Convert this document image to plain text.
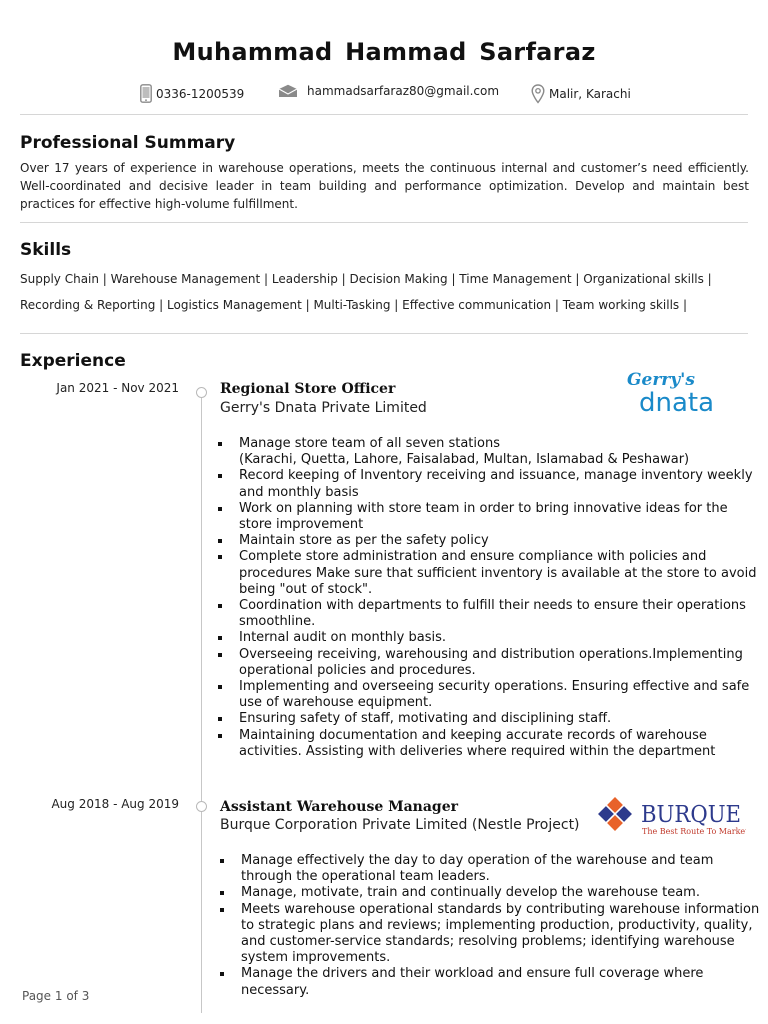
Muhammad Hammad Sarfaraz
0336-1200539	hammadsarfaraz80@gmail.com	Malir, Karachi
Professional Summary
Over 17 years of experience in warehouse operations, meets the continuous internal and customer’s need efficiently. Well-coordinated and decisive leader in team building and performance optimization. Develop and maintain best practices for effective high-volume fulfillment.
Skills
Supply Chain | Warehouse Management | Leadership | Decision Making | Time Management | Organizational skills |
Recording & Reporting | Logistics Management | Multi-Tasking | Effective communication | Team working skills |
Experience
Jan 2021 - Nov 2021	Regional Store Officer
Gerry's Dnata Private Limited
Gerry's
dnata
Manage store team of all seven stations
(Karachi, Quetta, Lahore, Faisalabad, Multan, Islamabad & Peshawar)
Record keeping of Inventory receiving and issuance, manage inventory weekly and monthly basis
Work on planning with store team in order to bring innovative ideas for the store improvement
Maintain store as per the safety policy
Complete store administration and ensure compliance with policies and procedures Make sure that sufficient inventory is available at the store to avoid being "out of stock".
Coordination with departments to fulfill their needs to ensure their operations smoothline.
Internal audit on monthly basis.
Overseeing receiving, warehousing and distribution operations.Implementing operational policies and procedures.
Implementing and overseeing security operations. Ensuring effective and safe use of warehouse equipment.
Ensuring safety of staff, motivating and disciplining staff.
Maintaining documentation and keeping accurate records of warehouse activities. Assisting with deliveries where required within the department
Aug 2018 - Aug 2019	Assistant Warehouse Manager
Burque Corporation Private Limited (Nestle Project)	BURQUE
The Best Route To Market
Manage effectively the day to day operation of the warehouse and team through the operational team leaders.
Manage, motivate, train and continually develop the warehouse team.
Meets warehouse operational standards by contributing warehouse information to strategic plans and reviews; implementing production, productivity, quality, and customer-service standards; resolving problems; identifying warehouse system improvements.
Manage the drivers and their workload and ensure full coverage where necessary.
Page 1 of 3
